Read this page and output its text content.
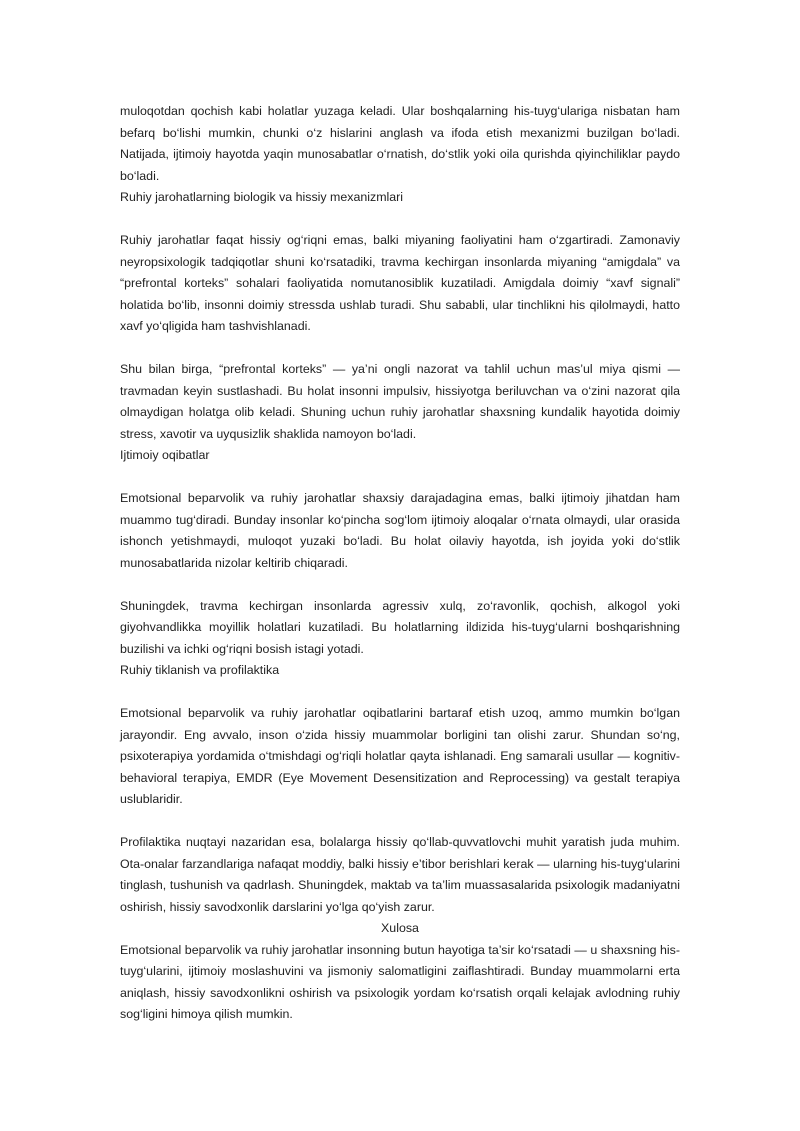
muloqotdan qochish kabi holatlar yuzaga keladi. Ular boshqalarning his-tuyg‘ulariga nisbatan ham befarq bo‘lishi mumkin, chunki o‘z hislarini anglash va ifoda etish mexanizmi buzilgan bo‘ladi. Natijada, ijtimoiy hayotda yaqin munosabatlar o‘rnatish, do‘stlik yoki oila qurishda qiyinchiliklar paydo bo‘ladi.

Ruhiy jarohatlarning biologik va hissiy mexanizmlari

Ruhiy jarohatlar faqat hissiy og‘riqni emas, balki miyaning faoliyatini ham o‘zgartiradi. Zamonaviy neyropsixologik tadqiqotlar shuni ko‘rsatadiki, travma kechirgan insonlarda miyaning “amigdala” va “prefrontal korteks” sohalari faoliyatida nomutanosiblik kuzatiladi. Amigdala doimiy “xavf signali” holatida bo‘lib, insonni doimiy stressda ushlab turadi. Shu sababli, ular tinchlikni his qilolmaydi, hatto xavf yo‘qligida ham tashvishlanadi.

Shu bilan birga, “prefrontal korteks” — ya’ni ongli nazorat va tahlil uchun mas’ul miya qismi — travmadan keyin sustlashadi. Bu holat insonni impulsiv, hissiyotga beriluvchan va o‘zini nazorat qila olmaydigan holatga olib keladi. Shuning uchun ruhiy jarohatlar shaxsning kundalik hayotida doimiy stress, xavotir va uyqusizlik shaklida namoyon bo‘ladi.

Ijtimoiy oqibatlar

Emotsional beparvolik va ruhiy jarohatlar shaxsiy darajadagina emas, balki ijtimoiy jihatdan ham muammo tug‘diradi. Bunday insonlar ko‘pincha sog‘lom ijtimoiy aloqalar o‘rnata olmaydi, ular orasida ishonch yetishmaydi, muloqot yuzaki bo‘ladi. Bu holat oilaviy hayotda, ish joyida yoki do‘stlik munosabatlarida nizolar keltirib chiqaradi.

Shuningdek, travma kechirgan insonlarda agressiv xulq, zo‘ravonlik, qochish, alkogol yoki giyohvandlikka moyillik holatlari kuzatiladi. Bu holatlarning ildizida his-tuyg‘ularni boshqarishning buzilishi va ichki og‘riqni bosish istagi yotadi.

Ruhiy tiklanish va profilaktika

Emotsional beparvolik va ruhiy jarohatlar oqibatlarini bartaraf etish uzoq, ammo mumkin bo‘lgan jarayondir. Eng avvalo, inson o‘zida hissiy muammolar borligini tan olishi zarur. Shundan so‘ng, psixoterapiya yordamida o‘tmishdagi og‘riqli holatlar qayta ishlanadi. Eng samarali usullar — kognitiv-behavioral terapiya, EMDR (Eye Movement Desensitization and Reprocessing) va gestalt terapiya uslublaridir.

Profilaktika nuqtayi nazaridan esa, bolalarga hissiy qo‘llab-quvvatlovchi muhit yaratish juda muhim. Ota-onalar farzandlariga nafaqat moddiy, balki hissiy e’tibor berishlari kerak — ularning his-tuyg‘ularini tinglash, tushunish va qadrlash. Shuningdek, maktab va ta’lim muassasalarida psixologik madaniyatni oshirish, hissiy savodxonlik darslarini yo‘lga qo‘yish zarur.

Xulosa

Emotsional beparvolik va ruhiy jarohatlar insonning butun hayotiga ta’sir ko‘rsatadi — u shaxsning his-tuyg‘ularini, ijtimoiy moslashuvini va jismoniy salomatligini zaiflashtiradi. Bunday muammolarni erta aniqlash, hissiy savodxonlikni oshirish va psixologik yordam ko‘rsatish orqali kelajak avlodning ruhiy sog‘ligini himoya qilish mumkin.
